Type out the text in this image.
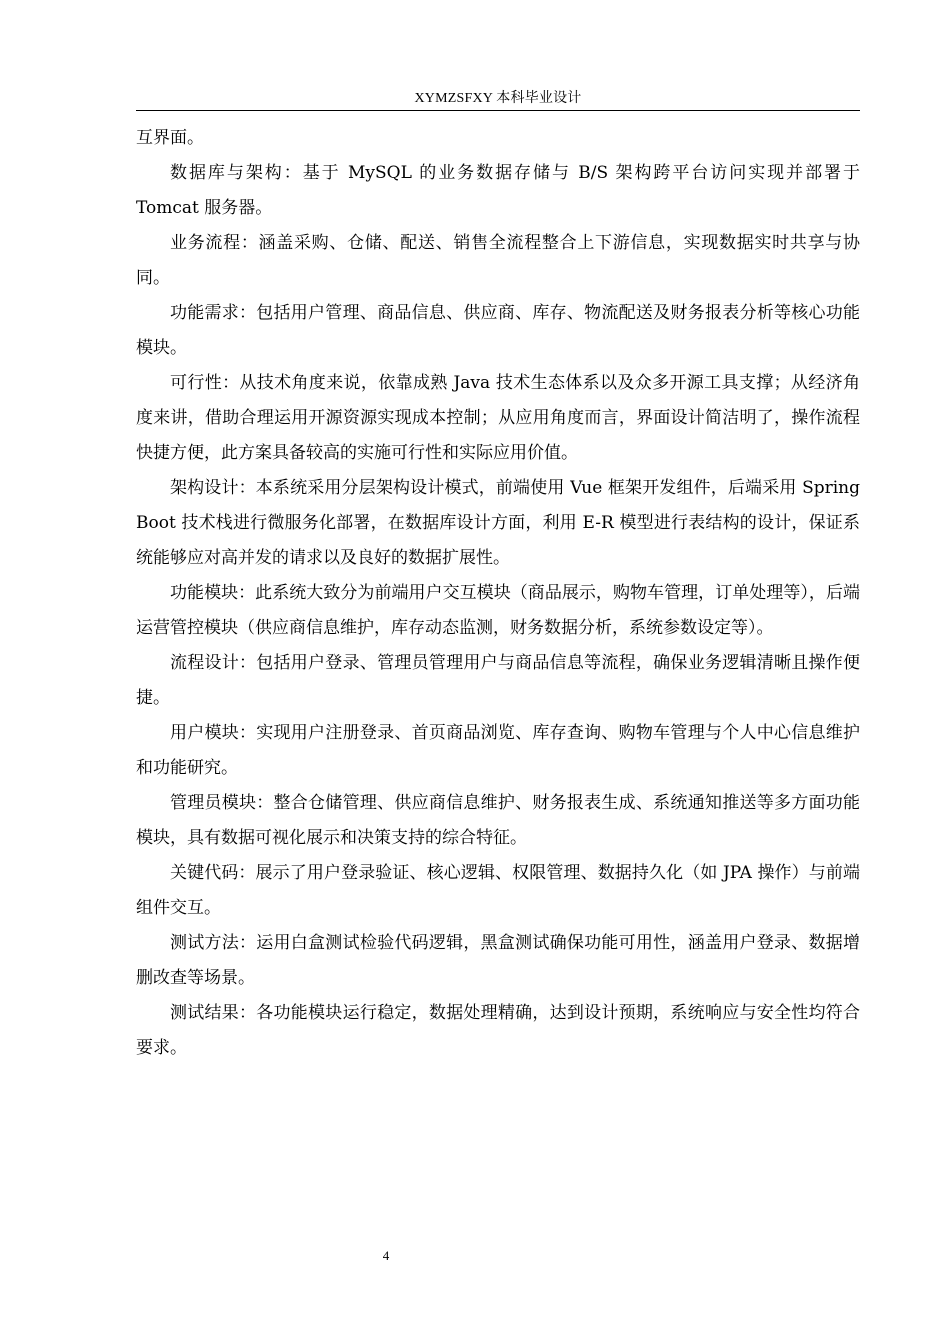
XYMZSFXY 本科毕业设计

互界面。

数据库与架构：基于 MySQL 的业务数据存储与 B/S 架构跨平台访问实现并部署于 Tomcat 服务器。

业务流程：涵盖采购、仓储、配送、销售全流程整合上下游信息，实现数据实时共享与协同。

功能需求：包括用户管理、商品信息、供应商、库存、物流配送及财务报表分析等核心功能模块。

可行性：从技术角度来说，依靠成熟 Java 技术生态体系以及众多开源工具支撑；从经济角度来讲，借助合理运用开源资源实现成本控制；从应用角度而言，界面设计简洁明了，操作流程快捷方便，此方案具备较高的实施可行性和实际应用价值。

架构设计：本系统采用分层架构设计模式，前端使用 Vue 框架开发组件，后端采用 Spring Boot 技术栈进行微服务化部署，在数据库设计方面，利用 E-R 模型进行表结构的设计，保证系统能够应对高并发的请求以及良好的数据扩展性。

功能模块：此系统大致分为前端用户交互模块（商品展示，购物车管理，订单处理等），后端运营管控模块（供应商信息维护，库存动态监测，财务数据分析，系统参数设定等）。

流程设计：包括用户登录、管理员管理用户与商品信息等流程，确保业务逻辑清晰且操作便捷。

用户模块：实现用户注册登录、首页商品浏览、库存查询、购物车管理与个人中心信息维护和功能研究。

管理员模块：整合仓储管理、供应商信息维护、财务报表生成、系统通知推送等多方面功能模块，具有数据可视化展示和决策支持的综合特征。

关键代码：展示了用户登录验证、核心逻辑、权限管理、数据持久化（如 JPA 操作）与前端组件交互。

测试方法：运用白盒测试检验代码逻辑，黑盒测试确保功能可用性，涵盖用户登录、数据增删改查等场景。

测试结果：各功能模块运行稳定，数据处理精确，达到设计预期，系统响应与安全性均符合要求。

4
